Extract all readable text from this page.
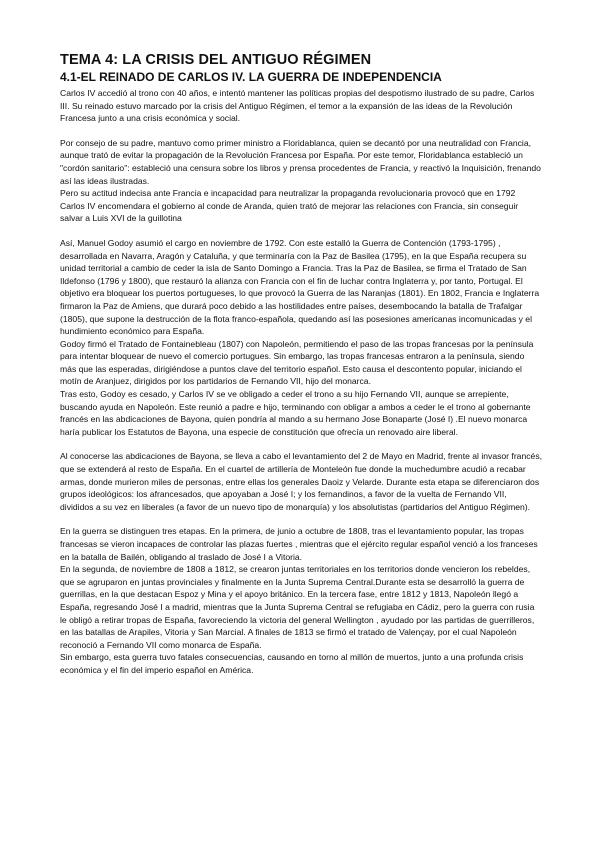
TEMA 4: LA CRISIS DEL ANTIGUO RÉGIMEN
4.1-EL REINADO DE CARLOS IV. LA GUERRA DE INDEPENDENCIA

Carlos IV accedió al trono con 40 años, e intentó mantener las políticas propias del despotismo ilustrado de su padre, Carlos III. Su reinado estuvo marcado por la crisis del Antiguo Régimen, el temor a la expansión de las ideas de la Revolución Francesa junto a una crisis económica y social.

Por consejo de su padre, mantuvo como primer ministro a Floridablanca, quien se decantó por una neutralidad con Francia, aunque trató de evitar la propagación de la Revolución Francesa por España. Por este temor, Floridablanca estableció un "cordón sanitario": estableció una censura sobre los libros y prensa procedentes de Francia, y reactivó la Inquisición, frenando así las ideas ilustradas.

Pero su actitud indecisa ante Francia e incapacidad para neutralizar la propaganda revolucionaria provocó que en 1792 Carlos IV encomendara el gobierno al conde de Aranda, quien trató de mejorar las relaciones con Francia, sin conseguir salvar a Luis XVI de la guillotina

Así, Manuel Godoy asumió el cargo en noviembre de 1792. Con este estalló la Guerra de Contención (1793-1795) , desarrollada en Navarra, Aragón y Cataluña, y que terminaría con la Paz de Basilea (1795), en la que España recupera su unidad territorial a cambio de ceder la isla de Santo Domingo a Francia. Tras la Paz de Basilea, se firma el Tratado de San Ildefonso (1796 y 1800), que restauró la alianza con Francia con el fin de luchar contra Inglaterra y, por tanto, Portugal. El objetivo era bloquear los puertos portugueses, lo que provocó la Guerra de las Naranjas (1801). En 1802, Francia e Inglaterra firmaron la Paz de Amiens, que durará poco debido a las hostilidades entre países, desembocando la batalla de Trafalgar (1805), que supone la destrucción de la flota franco-española, quedando así las posesiones americanas incomunicadas y el hundimiento económico para España.

Godoy firmó el Tratado de Fontainebleau (1807) con Napoleón, permitiendo el paso de las tropas francesas por la península para intentar bloquear de nuevo el comercio portugues. Sin embargo, las tropas francesas entraron a la península, siendo más que las esperadas, dirigiéndose a puntos clave del territorio español. Esto causa el descontento popular, iniciando el motín de Aranjuez, dirigidos por los partidarios de Fernando VII, hijo del monarca.

Tras esto, Godoy es cesado, y Carlos IV se ve obligado a ceder el trono a su hijo Fernando VII, aunque se arrepiente, buscando ayuda en Napoleón. Este reunió a padre e hijo, terminando con obligar a ambos a ceder le el trono al gobernante francés en las abdicaciones de Bayona, quien pondría al mando a su hermano Jose Bonaparte (José I) .El nuevo monarca haría publicar los Estatutos de Bayona, una especie de constitución que ofrecía un renovado aire liberal.

Al conocerse las abdicaciones de Bayona, se lleva a cabo el levantamiento del 2 de Mayo en Madrid, frente al invasor francés, que se extenderá al resto de España. En el cuartel de artillería de Monteleón fue donde la muchedumbre acudió a recabar armas, donde murieron miles de personas, entre ellas los generales Daoiz y Velarde. Durante esta etapa se diferenciaron dos grupos ideológicos: los afrancesados, que apoyaban a José I; y los fernandinos, a favor de la vuelta de Fernando VII, divididos a su vez en liberales (a favor de un nuevo tipo de monarquía) y los absolutistas (partidarios del Antiguo Régimen).

En la guerra se distinguen tres etapas. En la primera, de junio a octubre de 1808, tras el levantamiento popular, las tropas francesas se vieron incapaces de controlar las plazas fuertes , mientras que el ejército regular español venció a los franceses en la batalla de Bailén, obligando al traslado de José I a Vitoria.

En la segunda, de noviembre de 1808 a 1812, se crearon juntas territoriales en los territorios donde vencieron los rebeldes, que se agruparon en juntas provinciales y finalmente en la Junta Suprema Central.Durante esta se desarrolló la guerra de guerrillas, en la que destacan Espoz y Mina y el apoyo británico. En la tercera fase, entre 1812 y 1813, Napoleón llegó a España, regresando José I a madrid, mientras que la Junta Suprema Central se refugiaba en Cádiz, pero la guerra con rusia le obligó a retirar tropas de España, favoreciendo la victoria del general Wellington , ayudado por las partidas de guerrilleros, en las batallas de Arapiles, Vitoria y San Marcial. A finales de 1813 se firmó el tratado de Valençay, por el cual Napoleón reconoció a Fernando VII como monarca de España.

Sin embargo, esta guerra tuvo fatales consecuencias, causando en torno al millón de muertos, junto a una profunda crisis económica y el fin del imperio español en América.
